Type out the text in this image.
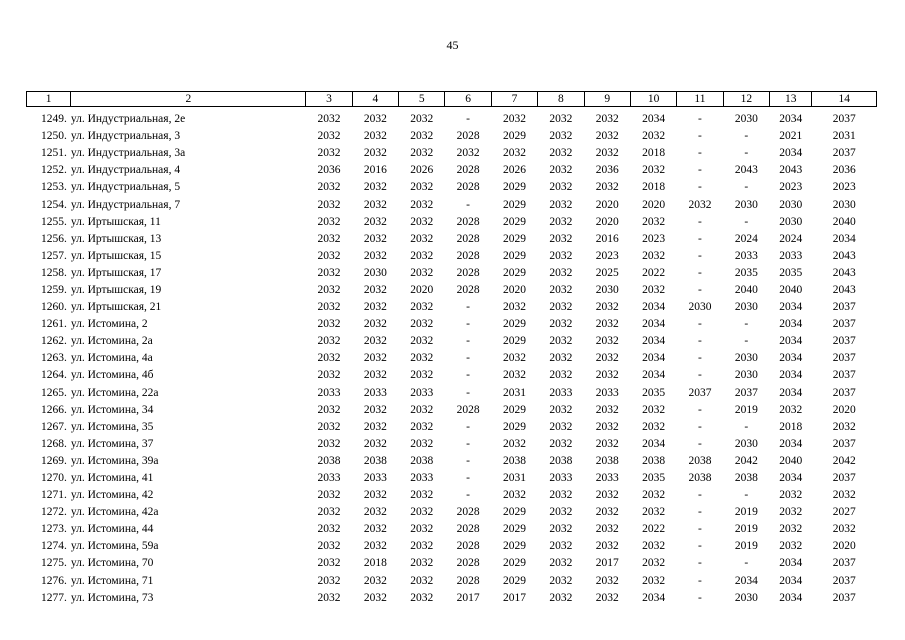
45
1	2	3	4	5	6	7	8	9	10	11	12	13	14
1249.	ул. Индустриальная, 2е	2032	2032	2032	-	2032	2032	2032	2034	-	2030	2034	2037
1250.	ул. Индустриальная, 3	2032	2032	2032	2028	2029	2032	2032	2032	-	-	2021	2031
1251.	ул. Индустриальная, 3а	2032	2032	2032	2032	2032	2032	2032	2018	-	-	2034	2037
1252.	ул. Индустриальная, 4	2036	2016	2026	2028	2026	2032	2036	2032	-	2043	2043	2036
1253.	ул. Индустриальная, 5	2032	2032	2032	2028	2029	2032	2032	2018	-	-	2023	2023
1254.	ул. Индустриальная, 7	2032	2032	2032	-	2029	2032	2020	2020	2032	2030	2030	2030
1255.	ул. Иртышская, 11	2032	2032	2032	2028	2029	2032	2020	2032	-	-	2030	2040
1256.	ул. Иртышская, 13	2032	2032	2032	2028	2029	2032	2016	2023	-	2024	2024	2034
1257.	ул. Иртышская, 15	2032	2032	2032	2028	2029	2032	2023	2032	-	2033	2033	2043
1258.	ул. Иртышская, 17	2032	2030	2032	2028	2029	2032	2025	2022	-	2035	2035	2043
1259.	ул. Иртышская, 19	2032	2032	2020	2028	2020	2032	2030	2032	-	2040	2040	2043
1260.	ул. Иртышская, 21	2032	2032	2032	-	2032	2032	2032	2034	2030	2030	2034	2037
1261.	ул. Истомина, 2	2032	2032	2032	-	2029	2032	2032	2034	-	-	2034	2037
1262.	ул. Истомина, 2а	2032	2032	2032	-	2029	2032	2032	2034	-	-	2034	2037
1263.	ул. Истомина, 4а	2032	2032	2032	-	2032	2032	2032	2034	-	2030	2034	2037
1264.	ул. Истомина, 4б	2032	2032	2032	-	2032	2032	2032	2034	-	2030	2034	2037
1265.	ул. Истомина, 22а	2033	2033	2033	-	2031	2033	2033	2035	2037	2037	2034	2037
1266.	ул. Истомина, 34	2032	2032	2032	2028	2029	2032	2032	2032	-	2019	2032	2020
1267.	ул. Истомина, 35	2032	2032	2032	-	2029	2032	2032	2032	-	-	2018	2032
1268.	ул. Истомина, 37	2032	2032	2032	-	2032	2032	2032	2034	-	2030	2034	2037
1269.	ул. Истомина, 39а	2038	2038	2038	-	2038	2038	2038	2038	2038	2042	2040	2042
1270.	ул. Истомина, 41	2033	2033	2033	-	2031	2033	2033	2035	2038	2038	2034	2037
1271.	ул. Истомина, 42	2032	2032	2032	-	2032	2032	2032	2032	-	-	2032	2032
1272.	ул. Истомина, 42а	2032	2032	2032	2028	2029	2032	2032	2032	-	2019	2032	2027
1273.	ул. Истомина, 44	2032	2032	2032	2028	2029	2032	2032	2022	-	2019	2032	2032
1274.	ул. Истомина, 59а	2032	2032	2032	2028	2029	2032	2032	2032	-	2019	2032	2020
1275.	ул. Истомина, 70	2032	2018	2032	2028	2029	2032	2017	2032	-	-	2034	2037
1276.	ул. Истомина, 71	2032	2032	2032	2028	2029	2032	2032	2032	-	2034	2034	2037
1277.	ул. Истомина, 73	2032	2032	2032	2017	2017	2032	2032	2034	-	2030	2034	2037
